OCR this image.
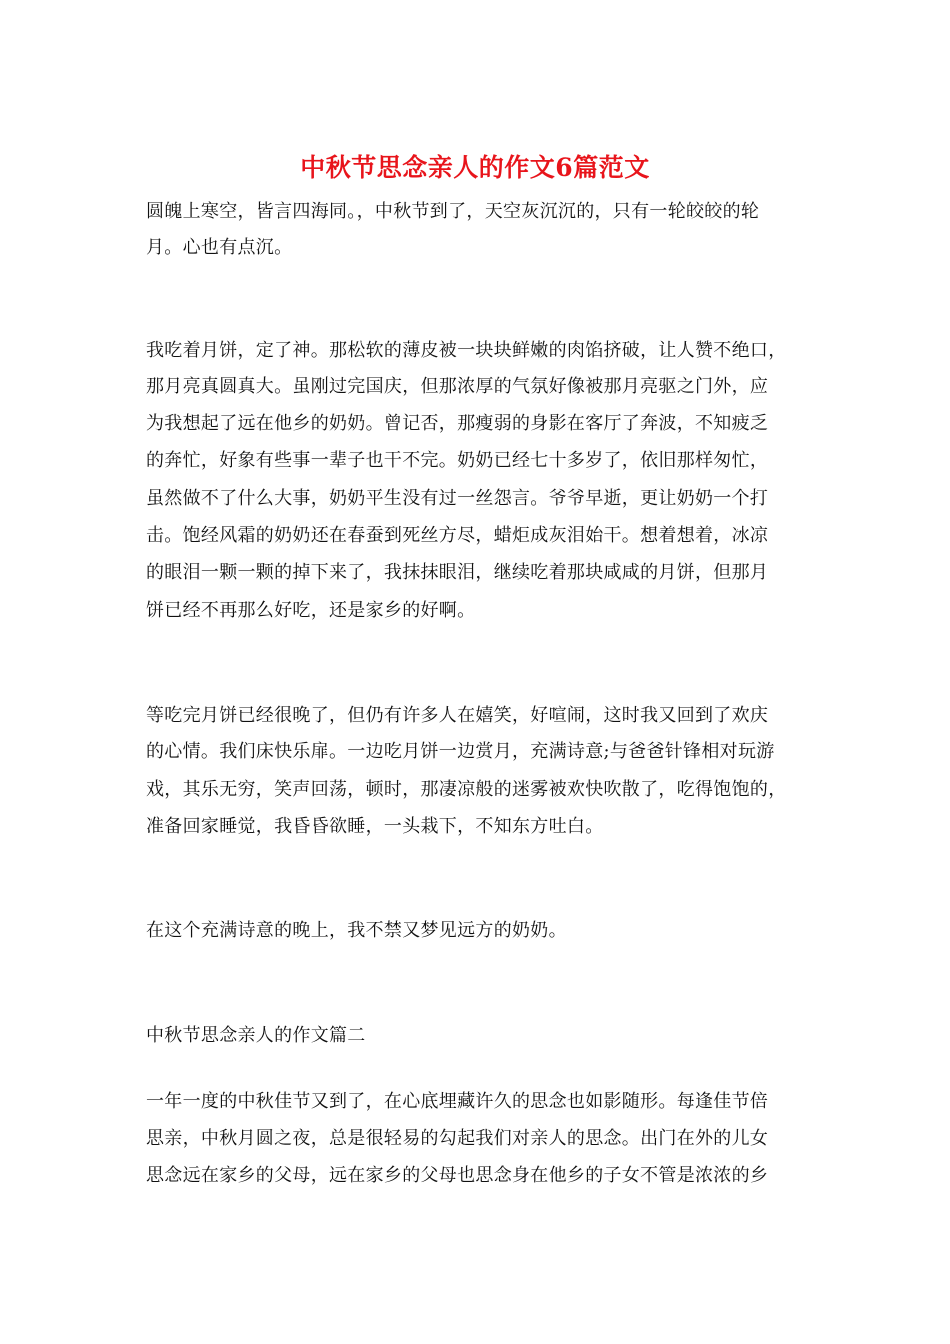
中秋节思念亲人的作文6篇范文
圆魄上寒空，皆言四海同。，中秋节到了，天空灰沉沉的，只有一轮皎皎的轮
月。心也有点沉。
我吃着月饼，定了神。那松软的薄皮被一块块鲜嫩的肉馅挤破，让人赞不绝口，
那月亮真圆真大。虽刚过完国庆，但那浓厚的气氛好像被那月亮驱之门外，应
为我想起了远在他乡的奶奶。曾记否，那瘦弱的身影在客厅了奔波，不知疲乏
的奔忙，好象有些事一辈子也干不完。奶奶已经七十多岁了，依旧那样匆忙，
虽然做不了什么大事，奶奶平生没有过一丝怨言。爷爷早逝，更让奶奶一个打
击。饱经风霜的奶奶还在春蚕到死丝方尽，蜡炬成灰泪始干。想着想着，冰凉
的眼泪一颗一颗的掉下来了，我抹抹眼泪，继续吃着那块咸咸的月饼，但那月
饼已经不再那么好吃，还是家乡的好啊。
等吃完月饼已经很晚了，但仍有许多人在嬉笑，好喧闹，这时我又回到了欢庆
的心情。我们床快乐扉。一边吃月饼一边赏月，充满诗意;与爸爸针锋相对玩游
戏，其乐无穷，笑声回荡，顿时，那凄凉般的迷雾被欢快吹散了，吃得饱饱的，
准备回家睡觉，我昏昏欲睡，一头栽下，不知东方吐白。
在这个充满诗意的晚上，我不禁又梦见远方的奶奶。
中秋节思念亲人的作文篇二
一年一度的中秋佳节又到了，在心底埋藏许久的思念也如影随形。每逢佳节倍
思亲，中秋月圆之夜，总是很轻易的勾起我们对亲人的思念。出门在外的儿女
思念远在家乡的父母，远在家乡的父母也思念身在他乡的子女不管是浓浓的乡
